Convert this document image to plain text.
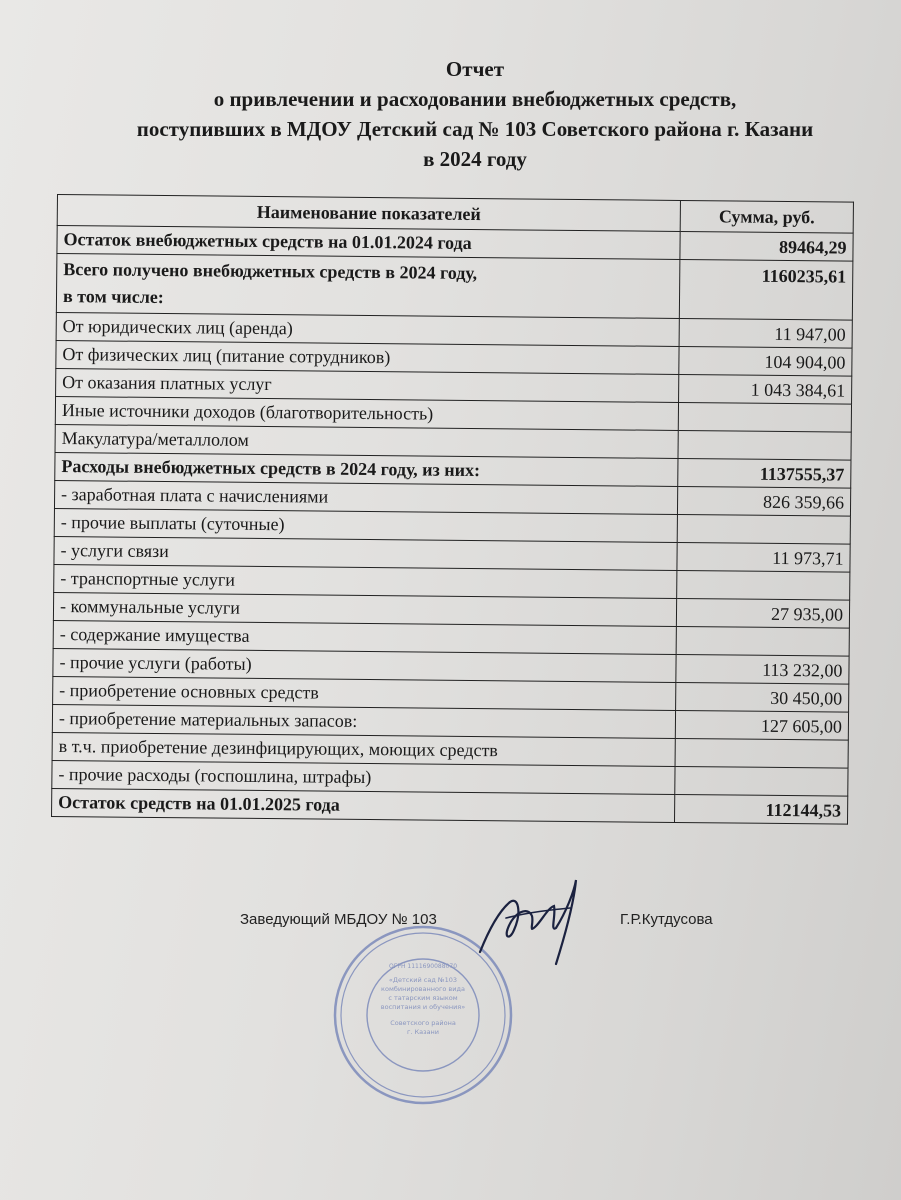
Отчет
о привлечении и расходовании внебюджетных средств,
поступивших в МДОУ Детский сад № 103 Советского района г. Казани
в 2024 году
Наименование показателей	Сумма, руб.
Остаток внебюджетных средств на 01.01.2024 года	89464,29

Всего получено внебюджетных средств в 2024 году,
в том числе:	1160235,61
От юридических лиц (аренда)	11 947,00
От физических лиц (питание сотрудников)	104 904,00
От оказания платных услуг	1 043 384,61
Иные источники доходов (благотворительность)	
Макулатура/металлолом	
Расходы внебюджетных средств в 2024 году, из них:	1137555,37
- заработная плата с начислениями	826 359,66
- прочие выплаты (суточные)	
- услуги связи	11 973,71
- транспортные услуги	
- коммунальные услуги	27 935,00
- содержание имущества	
- прочие услуги (работы)	113 232,00
- приобретение основных средств	30 450,00
- приобретение материальных запасов:	127 605,00
в т.ч. приобретение дезинфицирующих, моющих средств	
- прочие расходы (госпошлина, штрафы)	
Остаток средств на 01.01.2025 года	112144,53
Заведующий МБДОУ № 103	Г.Р.Кутдусова
«Детский сад №103
комбинированного вида
с татарским языком
воспитания и обучения»
Советского района
г. Казани
ОГРН 1111690088070
